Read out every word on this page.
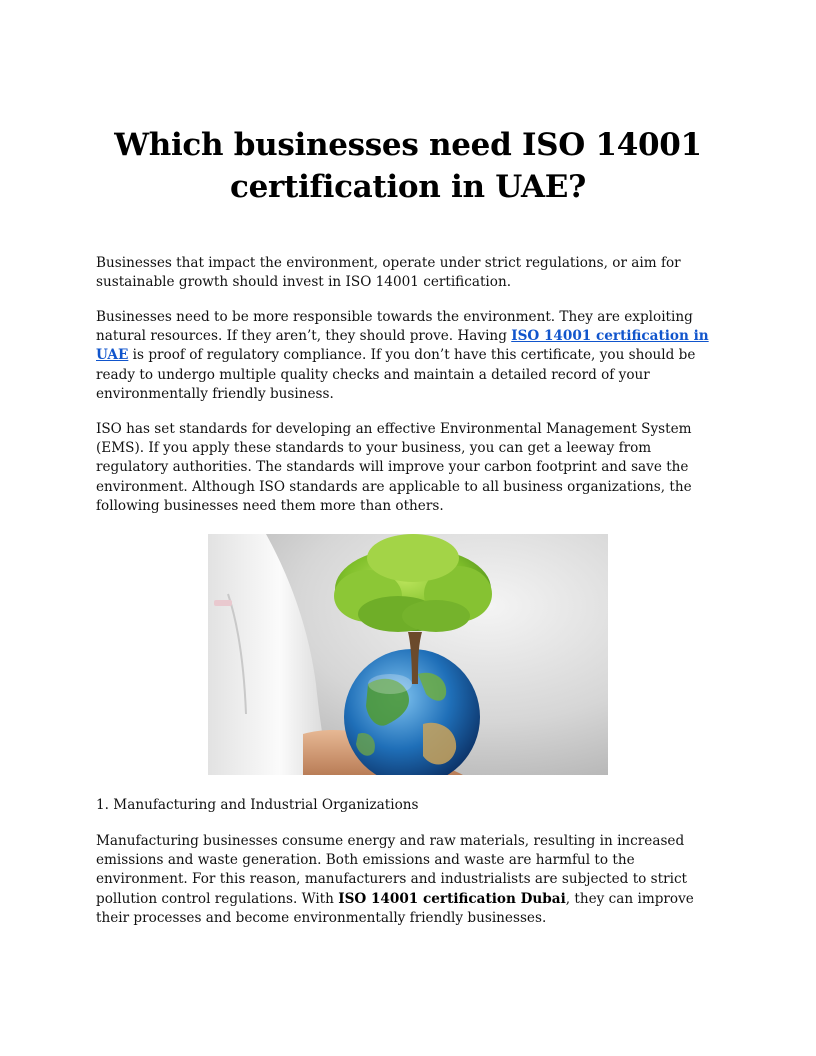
Which businesses need ISO 14001
certification in UAE?

Businesses that impact the environment, operate under strict regulations, or aim for sustainable growth should invest in ISO 14001 certification.

Businesses need to be more responsible towards the environment. They are exploiting natural resources. If they aren’t, they should prove. Having ISO 14001 certification in UAE is proof of regulatory compliance. If you don’t have this certificate, you should be ready to undergo multiple quality checks and maintain a detailed record of your environmentally friendly business.

ISO has set standards for developing an effective Environmental Management System (EMS). If you apply these standards to your business, you can get a leeway from regulatory authorities. The standards will improve your carbon footprint and save the environment. Although ISO standards are applicable to all business organizations, the following businesses need them more than others.

1. Manufacturing and Industrial Organizations

Manufacturing businesses consume energy and raw materials, resulting in increased emissions and waste generation. Both emissions and waste are harmful to the environment. For this reason, manufacturers and industrialists are subjected to strict pollution control regulations. With ISO 14001 certification Dubai, they can improve their processes and become environmentally friendly businesses.
